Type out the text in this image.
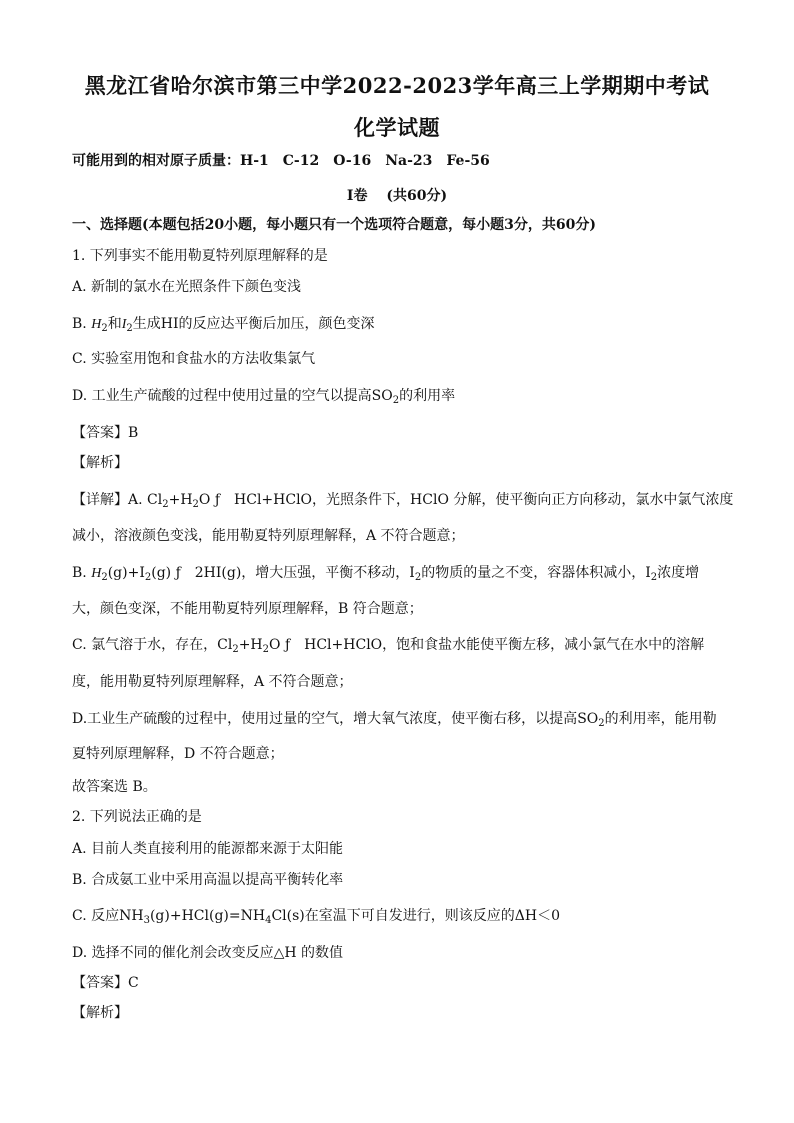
黑龙江省哈尔滨市第三中学2022-2023学年高三上学期期中考试
化学试题
可能用到的相对原子质量：H-1　C-12　O-16　Na-23　Fe-56
Ⅰ卷　 (共60分)
一、选择题(本题包括20小题，每小题只有一个选项符合题意，每小题3分，共60分)
1. 下列事实不能用勒夏特列原理解释的是
A. 新制的氯水在光照条件下颜色变浅
B. $H_2$和$I_2$生成HI的反应达平衡后加压，颜色变深
C. 实验室用饱和食盐水的方法收集氯气
D. 工业生产硫酸的过程中使用过量的空气以提高$SO_2$的利用率
【答案】B
【解析】
【详解】A. $Cl_2+H_2O$ ƒ　HCl+HClO，光照条件下，HClO 分解，使平衡向正方向移动，氯水中氯气浓度
减小，溶液颜色变浅，能用勒夏特列原理解释，A 不符合题意；
B. $H_2(g)+I_2(g)$ ƒ　2HI(g)，增大压强，平衡不移动，$I_2$的物质的量之不变，容器体积减小，$I_2$浓度增
大，颜色变深，不能用勒夏特列原理解释，B 符合题意；
C. 氯气溶于水，存在，$Cl_2+H_2O$ ƒ　HCl+HClO，饱和食盐水能使平衡左移，减小氯气在水中的溶解
度，能用勒夏特列原理解释，A 不符合题意；
D.工业生产硫酸的过程中，使用过量的空气，增大氧气浓度，使平衡右移，以提高$SO_2$的利用率，能用勒
夏特列原理解释，D 不符合题意；
故答案选 B。
2. 下列说法正确的是
A. 目前人类直接利用的能源都来源于太阳能
B. 合成氨工业中采用高温以提高平衡转化率
C. 反应$NH_3(g)+HCl(g)=NH_4Cl(s)$在室温下可自发进行，则该反应的ΔH＜0
D. 选择不同的催化剂会改变反应△H 的数值
【答案】C
【解析】
